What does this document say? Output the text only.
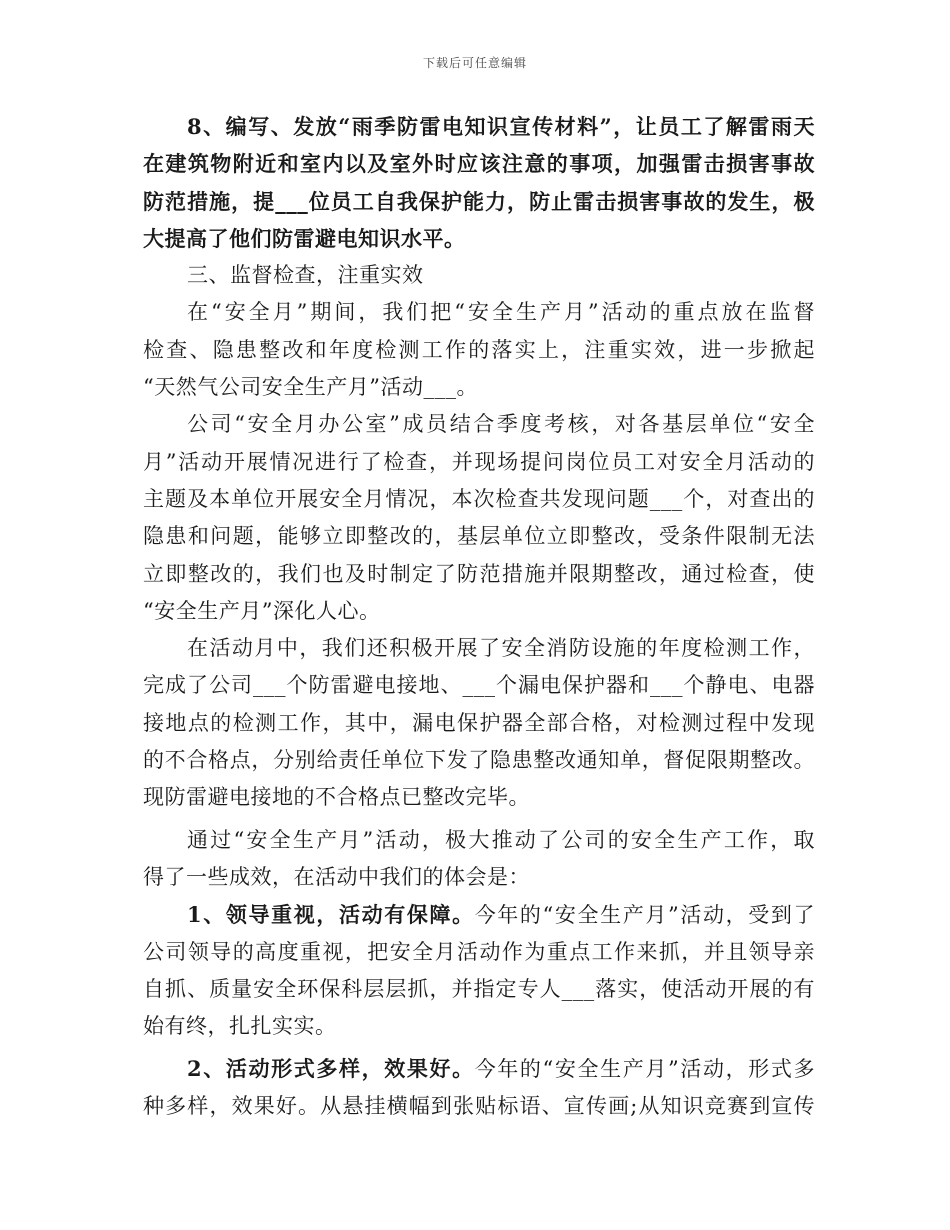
下载后可任意编辑
8、编写、发放“雨季防雷电知识宣传材料”，让员工了解雷雨天
在建筑物附近和室内以及室外时应该注意的事项，加强雷击损害事故
防范措施，提___位员工自我保护能力，防止雷击损害事故的发生，极
大提高了他们防雷避电知识水平。
三、监督检查，注重实效
在“安全月”期间，我们把“安全生产月”活动的重点放在监督
检查、隐患整改和年度检测工作的落实上，注重实效，进一步掀起
“天然气公司安全生产月”活动___。
公司“安全月办公室”成员结合季度考核，对各基层单位“安全
月”活动开展情况进行了检查，并现场提问岗位员工对安全月活动的
主题及本单位开展安全月情况，本次检查共发现问题___个，对查出的
隐患和问题，能够立即整改的，基层单位立即整改，受条件限制无法
立即整改的，我们也及时制定了防范措施并限期整改，通过检查，使
“安全生产月”深化人心。
在活动月中，我们还积极开展了安全消防设施的年度检测工作，
完成了公司___个防雷避电接地、___个漏电保护器和___个静电、电器
接地点的检测工作，其中，漏电保护器全部合格，对检测过程中发现
的不合格点，分别给责任单位下发了隐患整改通知单，督促限期整改。
现防雷避电接地的不合格点已整改完毕。
通过“安全生产月”活动，极大推动了公司的安全生产工作，取
得了一些成效，在活动中我们的体会是：
1、领导重视，活动有保障。今年的“安全生产月”活动，受到了
公司领导的高度重视，把安全月活动作为重点工作来抓，并且领导亲
自抓、质量安全环保科层层抓，并指定专人___落实，使活动开展的有
始有终，扎扎实实。
2、活动形式多样，效果好。今年的“安全生产月”活动，形式多
种多样，效果好。从悬挂横幅到张贴标语、宣传画;从知识竞赛到宣传
